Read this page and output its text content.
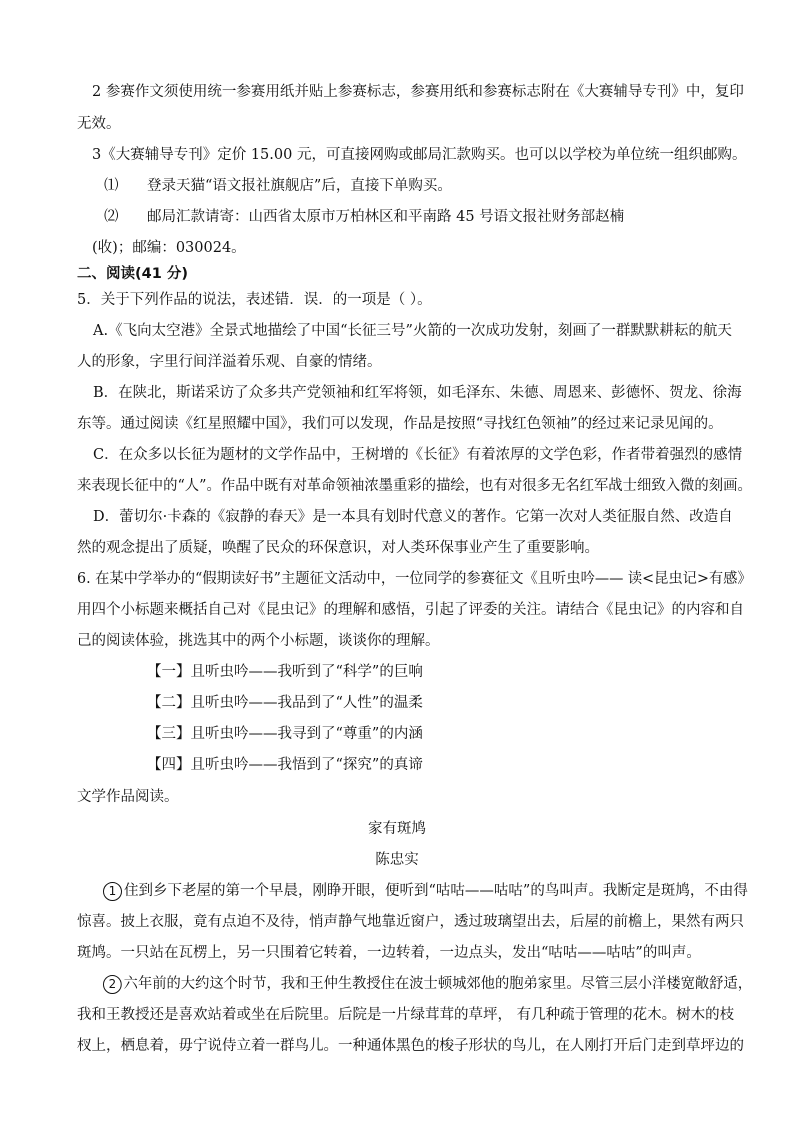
2 参赛作文须使用统一参赛用纸并贴上参赛标志，参赛用纸和参赛标志附在《大赛辅导专刊》中，复印
无效。
3《大赛辅导专刊》定价 15.00 元，可直接网购或邮局汇款购买。也可以以学校为单位统一组织邮购。
⑴ 登录天猫“语文报社旗舰店”后，直接下单购买。
⑵ 邮局汇款请寄：山西省太原市万柏林区和平南路 45 号语文报社财务部赵楠
(收)；邮编：030024。
二、阅读(41 分)
5．关于下列作品的说法，表述错．误．的一项是（ ）。
A.《飞向太空港》全景式地描绘了中国“长征三号”火箭的一次成功发射，刻画了一群默默耕耘的航天
人的形象，字里行间洋溢着乐观、自豪的情绪。
B．在陕北，斯诺采访了众多共产党领袖和红军将领，如毛泽东、朱德、周恩来、彭德怀、贺龙、徐海
东等。通过阅读《红星照耀中国》，我们可以发现，作品是按照“寻找红色领袖”的经过来记录见闻的。
C．在众多以长征为题材的文学作品中，王树增的《长征》有着浓厚的文学色彩，作者带着强烈的感情
来表现长征中的“人”。作品中既有对革命领袖浓墨重彩的描绘，也有对很多无名红军战士细致入微的刻画。
D．蕾切尔·卡森的《寂静的春天》是一本具有划时代意义的著作。它第一次对人类征服自然、改造自
然的观念提出了质疑，唤醒了民众的环保意识，对人类环保事业产生了重要影响。
6. 在某中学举办的“假期读好书”主题征文活动中，一位同学的参赛征文《且听虫吟—— 读<昆虫记>有感》
用四个小标题来概括自己对《昆虫记》的理解和感悟，引起了评委的关注。请结合《昆虫记》的内容和自
己的阅读体验，挑选其中的两个小标题，谈谈你的理解。
【一】且听虫吟——我听到了“科学”的巨响
【二】且听虫吟——我品到了“人性”的温柔
【三】且听虫吟——我寻到了“尊重”的内涵
【四】且听虫吟——我悟到了“探究”的真谛
文学作品阅读。
家有斑鸠
陈忠实
1 住到乡下老屋的第一个早晨，刚睁开眼，便听到“咕咕——咕咕”的鸟叫声。我断定是斑鸠，不由得
惊喜。披上衣服，竟有点迫不及待，悄声静气地靠近窗户，透过玻璃望出去，后屋的前檐上，果然有两只
斑鸠。一只站在瓦楞上，另一只围着它转着，一边转着，一边点头，发出“咕咕——咕咕”的叫声。
2 六年前的大约这个时节，我和王仲生教授住在波士顿城郊他的胞弟家里。尽管三层小洋楼宽敞舒适，
我和王教授还是喜欢站着或坐在后院里。后院是一片绿茸茸的草坪， 有几种疏于管理的花木。树木的枝
杈上，栖息着，毋宁说侍立着一群鸟儿。一种通体黑色的梭子形状的鸟儿，在人刚打开后门走到草坪边的
